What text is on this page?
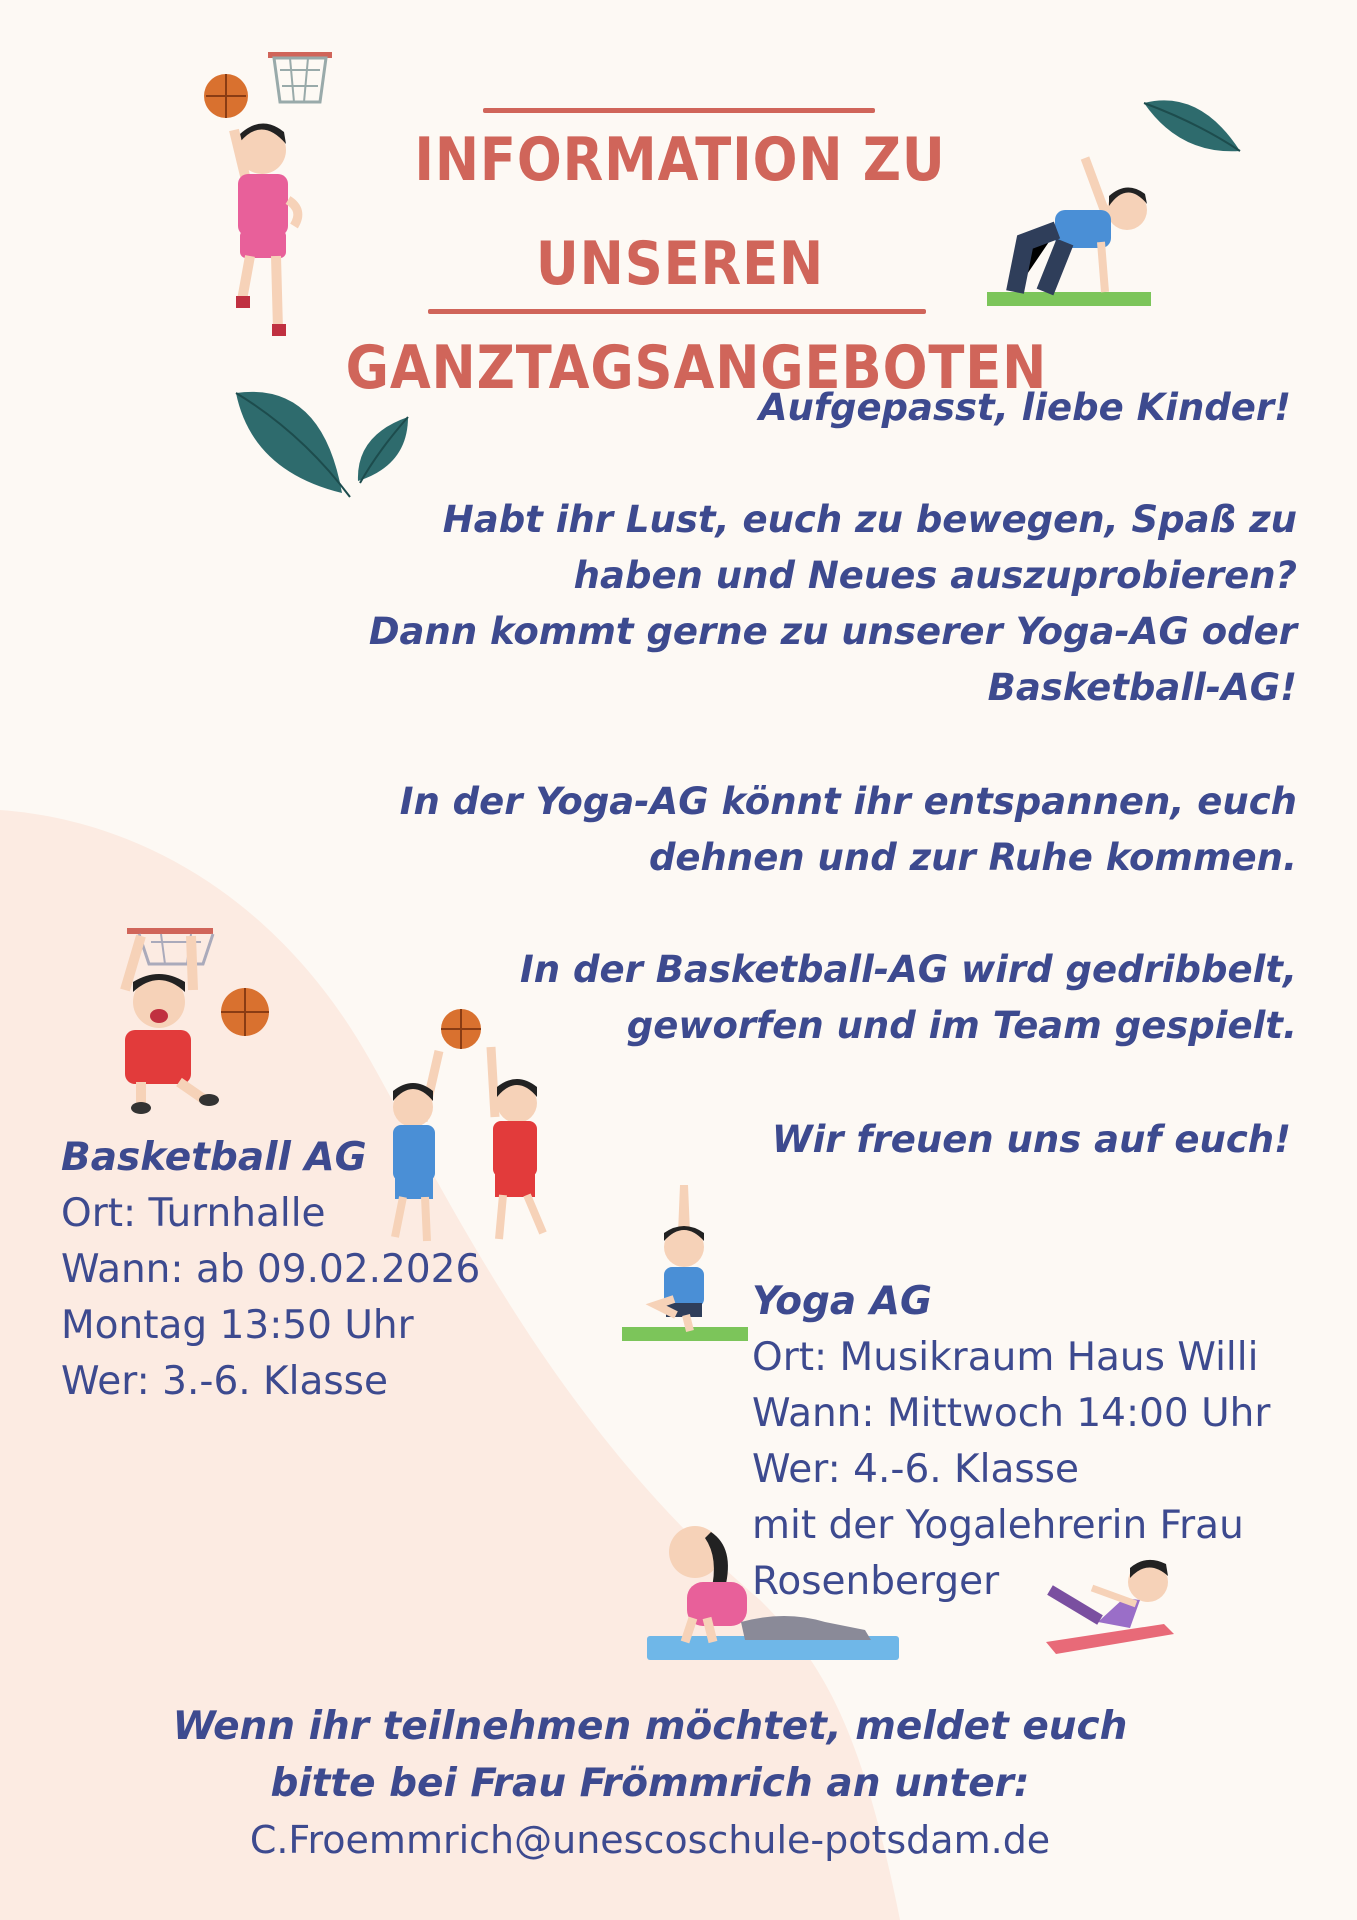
INFORMATION ZU UNSEREN
GANZTAGSANGEBOTEN
Aufgepasst, liebe Kinder!
Habt ihr Lust, euch zu bewegen, Spaß zu
haben und Neues auszuprobieren?
Dann kommt gerne zu unserer Yoga-AG oder
Basketball-AG!
In der Yoga-AG könnt ihr entspannen, euch
dehnen und zur Ruhe kommen.
In der Basketball-AG wird gedribbelt,
geworfen und im Team gespielt.
Wir freuen uns auf euch!
Basketball AG
Ort: Turnhalle
Wann: ab 09.02.2026
Montag 13:50 Uhr
Wer: 3.-6. Klasse
Yoga AG
Ort: Musikraum Haus Willi
Wann: Mittwoch 14:00 Uhr
Wer: 4.-6. Klasse
mit der Yogalehrerin Frau
Rosenberger
Wenn ihr teilnehmen möchtet, meldet euch
bitte bei Frau Frömmrich an unter:
C.Froemmrich@unescoschule-potsdam.de
